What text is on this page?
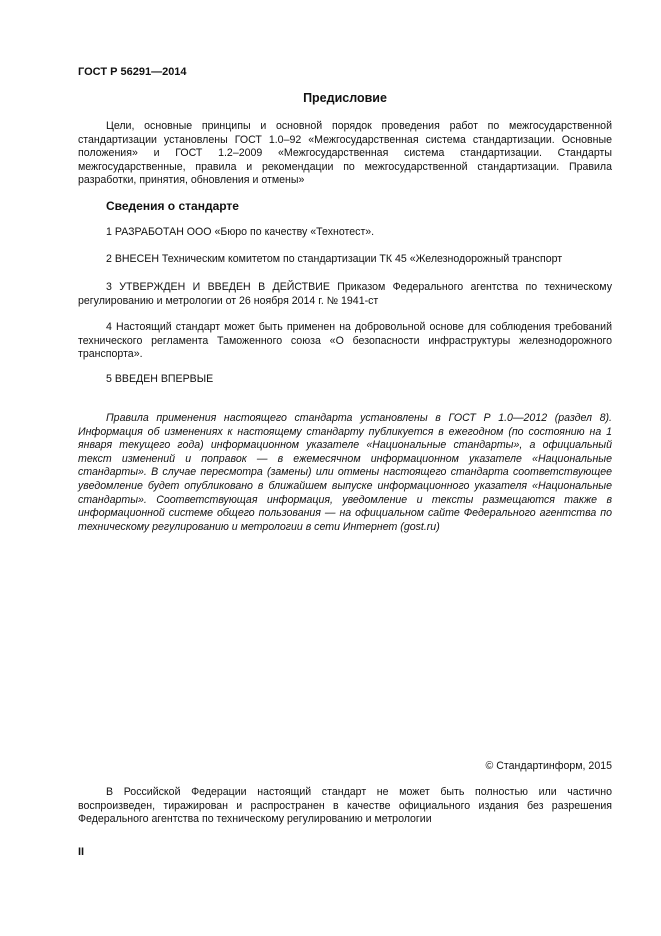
ГОСТ Р 56291—2014
Предисловие
Цели, основные принципы и основной порядок проведения работ по межгосударственной стандартизации установлены ГОСТ 1.0–92 «Межгосударственная система стандартизации. Основные положения» и ГОСТ 1.2–2009 «Межгосударственная система стандартизации. Стандарты межгосударственные, правила и рекомендации по межгосударственной стандартизации. Правила разработки, принятия, обновления и отмены»
Сведения о стандарте
1 РАЗРАБОТАН ООО «Бюро по качеству «Технотест».
2 ВНЕСЕН Техническим комитетом по стандартизации ТК 45 «Железнодорожный транспорт
3 УТВЕРЖДЕН И ВВЕДЕН В ДЕЙСТВИЕ Приказом Федерального агентства по техническому регулированию и метрологии от 26 ноября 2014 г. № 1941-ст
4 Настоящий стандарт может быть применен на добровольной основе для соблюдения требований технического регламента Таможенного союза «О безопасности инфраструктуры железнодорожного транспорта».
5 ВВЕДЕН ВПЕРВЫЕ
Правила применения настоящего стандарта установлены в ГОСТ Р 1.0—2012 (раздел 8). Информация об изменениях к настоящему стандарту публикуется в ежегодном (по состоянию на 1 января текущего года) информационном указателе «Национальные стандарты», а официальный текст изменений и поправок — в ежемесячном информационном указателе «Национальные стандарты». В случае пересмотра (замены) или отмены настоящего стандарта соответствующее уведомление будет опубликовано в ближайшем выпуске информационного указателя «Национальные стандарты». Соответствующая информация, уведомление и тексты размещаются также в информационной системе общего пользования — на официальном сайте Федерального агентства по техническому регулированию и метрологии в сети Интернет (gost.ru)
© Стандартинформ, 2015
В Российской Федерации настоящий стандарт не может быть полностью или частично воспроизведен, тиражирован и распространен в качестве официального издания без разрешения Федерального агентства по техническому регулированию и метрологии
II
